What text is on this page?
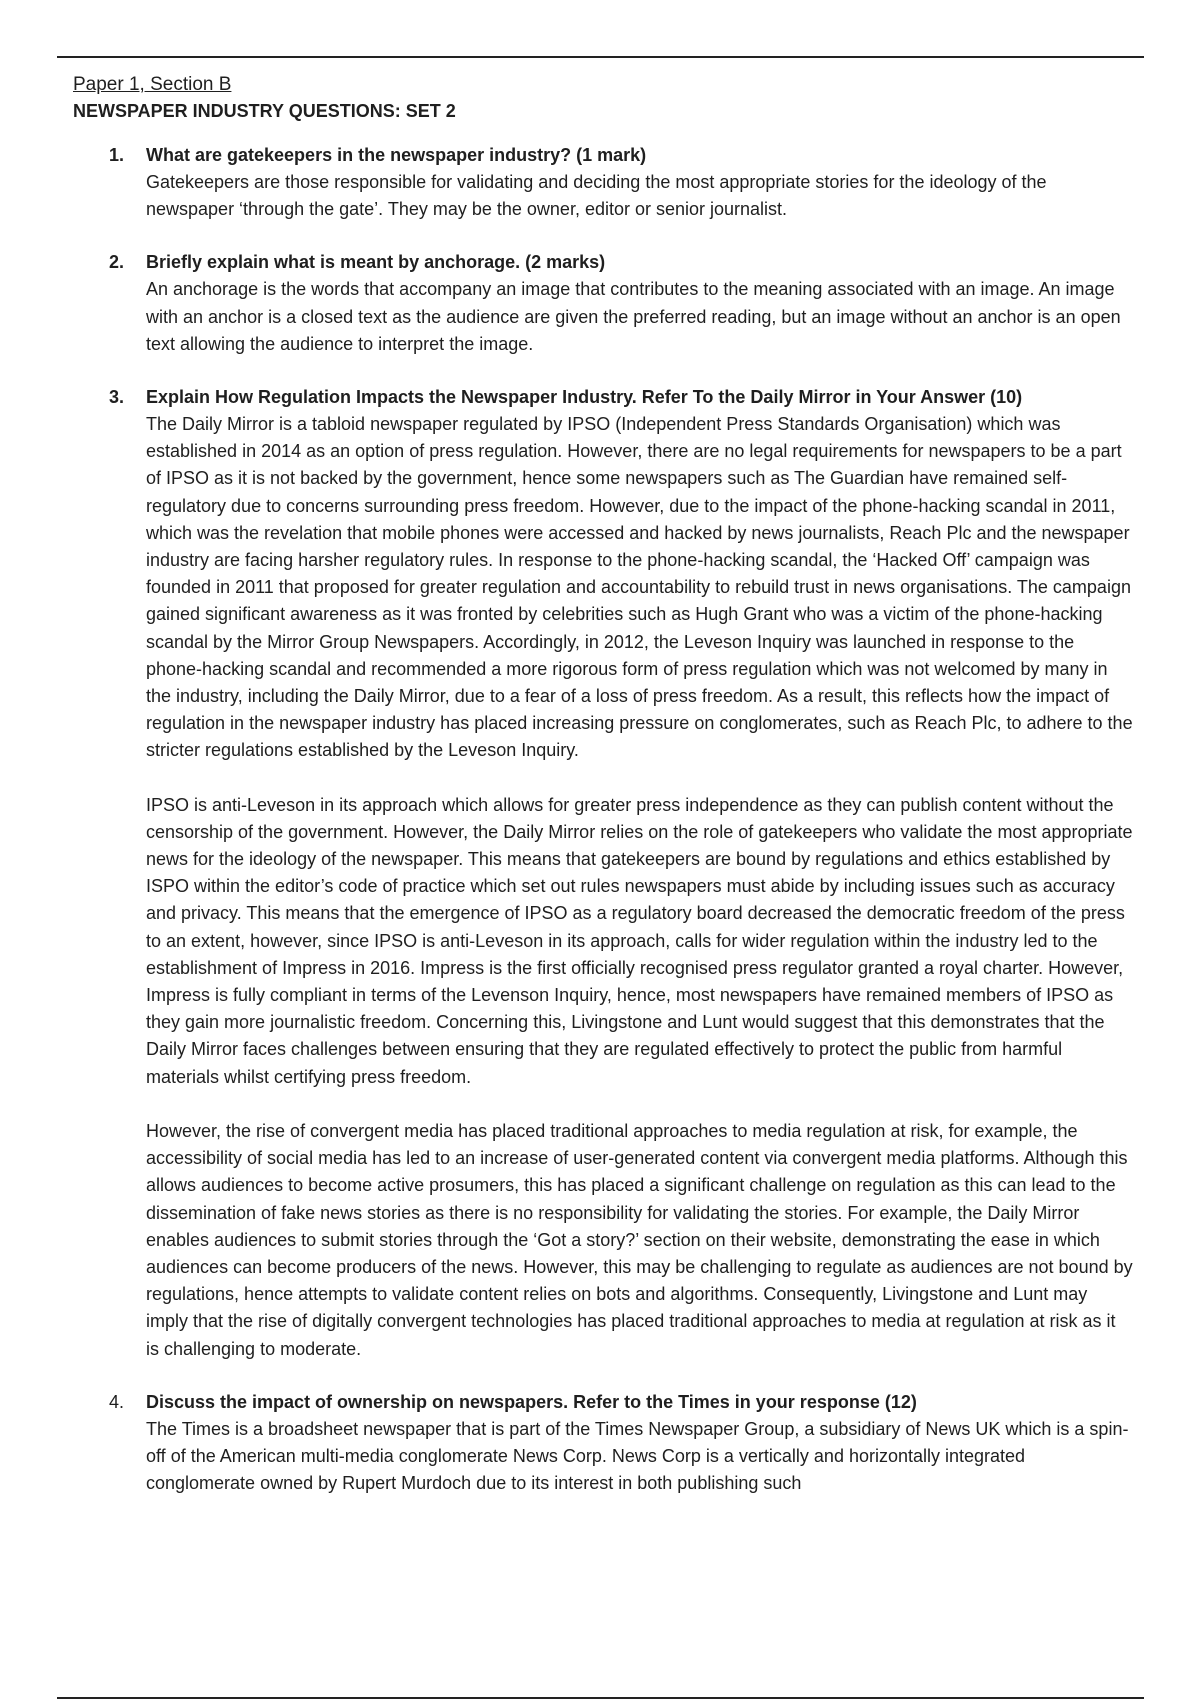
Paper 1, Section B

NEWSPAPER INDUSTRY QUESTIONS: SET 2

1. What are gatekeepers in the newspaper industry? (1 mark)

Gatekeepers are those responsible for validating and deciding the most appropriate stories for the ideology of the newspaper ‘through the gate’. They may be the owner, editor or senior journalist.

2. Briefly explain what is meant by anchorage. (2 marks)

An anchorage is the words that accompany an image that contributes to the meaning associated with an image. An image with an anchor is a closed text as the audience are given the preferred reading, but an image without an anchor is an open text allowing the audience to interpret the image.

3. Explain How Regulation Impacts the Newspaper Industry. Refer To the Daily Mirror in Your Answer (10)

The Daily Mirror is a tabloid newspaper regulated by IPSO (Independent Press Standards Organisation) which was established in 2014 as an option of press regulation. However, there are no legal requirements for newspapers to be a part of IPSO as it is not backed by the government, hence some newspapers such as The Guardian have remained self-regulatory due to concerns surrounding press freedom. However, due to the impact of the phone-hacking scandal in 2011, which was the revelation that mobile phones were accessed and hacked by news journalists, Reach Plc and the newspaper industry are facing harsher regulatory rules. In response to the phone-hacking scandal, the ‘Hacked Off’ campaign was founded in 2011 that proposed for greater regulation and accountability to rebuild trust in news organisations. The campaign gained significant awareness as it was fronted by celebrities such as Hugh Grant who was a victim of the phone-hacking scandal by the Mirror Group Newspapers. Accordingly, in 2012, the Leveson Inquiry was launched in response to the phone-hacking scandal and recommended a more rigorous form of press regulation which was not welcomed by many in the industry, including the Daily Mirror, due to a fear of a loss of press freedom. As a result, this reflects how the impact of regulation in the newspaper industry has placed increasing pressure on conglomerates, such as Reach Plc, to adhere to the stricter regulations established by the Leveson Inquiry.

IPSO is anti-Leveson in its approach which allows for greater press independence as they can publish content without the censorship of the government. However, the Daily Mirror relies on the role of gatekeepers who validate the most appropriate news for the ideology of the newspaper. This means that gatekeepers are bound by regulations and ethics established by ISPO within the editor’s code of practice which set out rules newspapers must abide by including issues such as accuracy and privacy. This means that the emergence of IPSO as a regulatory board decreased the democratic freedom of the press to an extent, however, since IPSO is anti-Leveson in its approach, calls for wider regulation within the industry led to the establishment of Impress in 2016. Impress is the first officially recognised press regulator granted a royal charter. However, Impress is fully compliant in terms of the Levenson Inquiry, hence, most newspapers have remained members of IPSO as they gain more journalistic freedom. Concerning this, Livingstone and Lunt would suggest that this demonstrates that the Daily Mirror faces challenges between ensuring that they are regulated effectively to protect the public from harmful materials whilst certifying press freedom.

However, the rise of convergent media has placed traditional approaches to media regulation at risk, for example, the accessibility of social media has led to an increase of user-generated content via convergent media platforms. Although this allows audiences to become active prosumers, this has placed a significant challenge on regulation as this can lead to the dissemination of fake news stories as there is no responsibility for validating the stories. For example, the Daily Mirror enables audiences to submit stories through the ‘Got a story?’ section on their website, demonstrating the ease in which audiences can become producers of the news. However, this may be challenging to regulate as audiences are not bound by regulations, hence attempts to validate content relies on bots and algorithms. Consequently, Livingstone and Lunt may imply that the rise of digitally convergent technologies has placed traditional approaches to media at regulation at risk as it is challenging to moderate.

4. Discuss the impact of ownership on newspapers. Refer to the Times in your response (12)

The Times is a broadsheet newspaper that is part of the Times Newspaper Group, a subsidiary of News UK which is a spin-off of the American multi-media conglomerate News Corp. News Corp is a vertically and horizontally integrated conglomerate owned by Rupert Murdoch due to its interest in both publishing such
